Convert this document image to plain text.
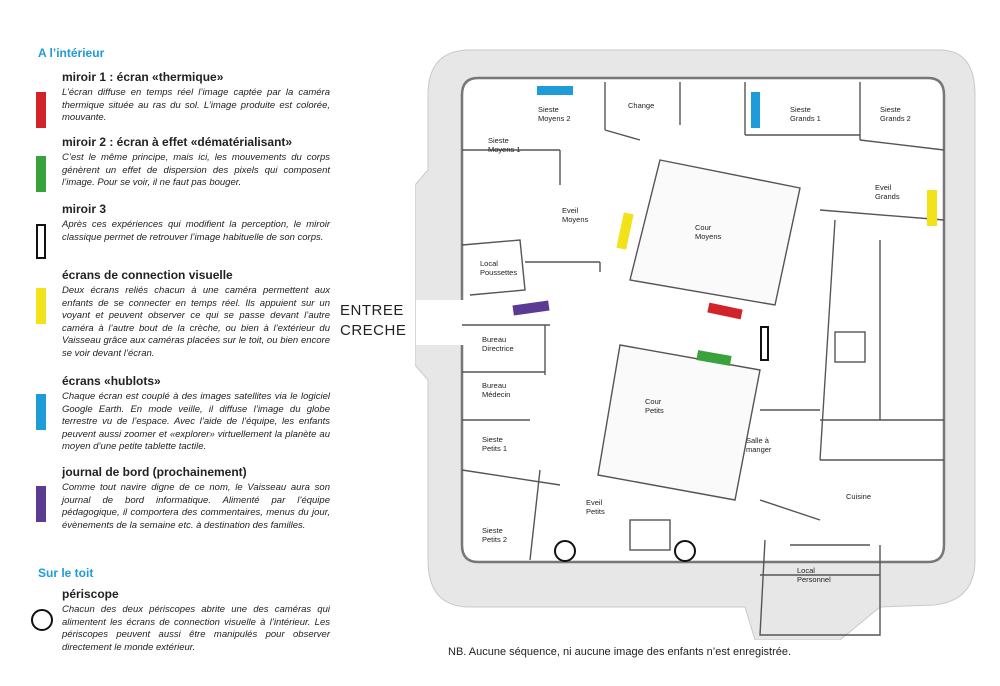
A l’intérieur
miroir 1 : écran «thermique»
L’écran diffuse en temps réel l’image captée par la caméra thermique située au ras du sol. L’image produite est colorée, mouvante.
miroir 2 : écran à effet «dématérialisant»
C’est le même principe, mais ici, les mouvements du corps génèrent un effet de dispersion des pixels qui composent l’image. Pour se voir, il ne faut pas bouger.
miroir 3
Après ces expériences qui modifient la perception, le miroir classique permet de retrouver l’image habituelle de son corps.
écrans de connection visuelle
Deux écrans reliés chacun à une caméra permettent aux enfants de se connecter en temps réel. Ils appuient sur un voyant et peuvent observer ce qui se passe devant l’autre caméra à l’autre bout de la crèche, ou bien à l’extérieur du Vaisseau grâce aux caméras placées sur le toit, ou bien encore se voir devant l’écran.
écrans «hublots»
Chaque écran est couplé à des images satellites via le logiciel Google Earth. En mode veille, il diffuse l’image du globe terrestre vu de l’espace. Avec l’aide de l’équipe, les enfants peuvent aussi zoomer et «explorer» virtuellement la planète au moyen d’une petite tablette tactile.
journal de bord (prochainement)
Comme tout navire digne de ce nom, le Vaisseau aura son journal de bord informatique. Alimenté par l’équipe pédagogique, il comportera des commentaires, menus du jour, évènements de la semaine etc. à destination des familles.
Sur le toit
périscope
Chacun des deux périscopes abrite une des caméras qui alimentent les écrans de connection visuelle à l’intérieur. Les périscopes peuvent aussi être manipulés pour observer directement le monde extérieur.
ENTREE
CRECHE
Sieste
Moyens 2
Change	Sieste
Grands 1
Sieste
Grands 2
Sieste
Moyens 1
Eveil
Grands
Eveil
Moyens
Cour
Moyens
Local
Poussettes
Bureau
Directrice
Bureau
Médecin
Cour
Petits
Sieste
Petits 1
Salle à
manger
Cuisine
Eveil
Petits
Sieste
Petits 2
Local
Personnel
NB. Aucune séquence, ni aucune image des enfants n’est enregistrée.
